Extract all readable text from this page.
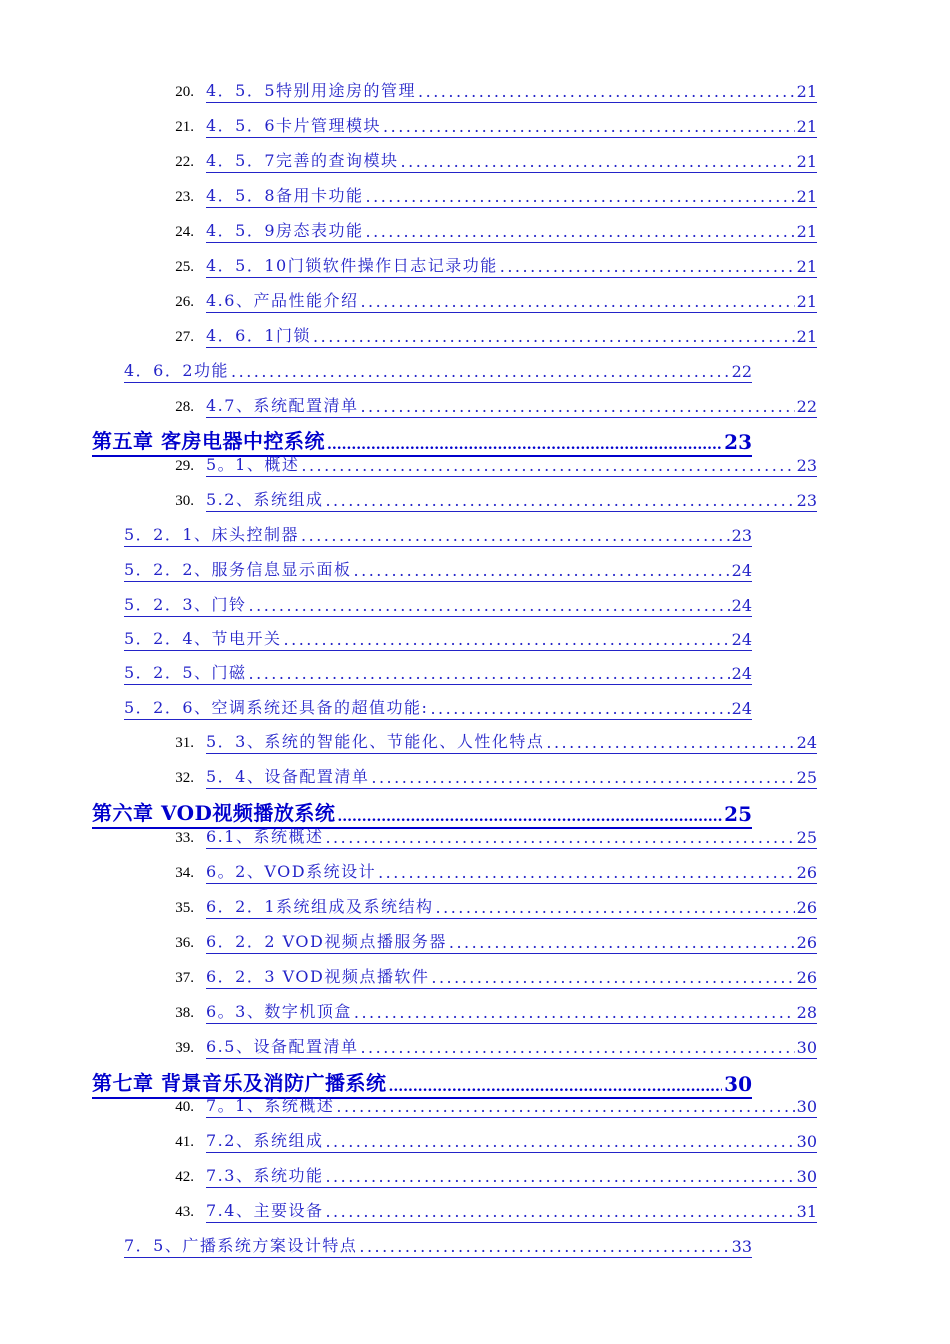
20. 4．5．5特别用途房的管理 .....	21
21. 4．5．6卡片管理模块 .....	21
22. 4．5．7完善的查询模块 .....	21
23. 4．5．8备用卡功能 .....	21
24. 4．5．9房态表功能 .....	21
25. 4．5．10门锁软件操作日志记录功能 .....	21
26. 4.6、产品性能介绍 .....	21
27. 4．6．1门锁 .....	21
4．6．2功能 .....	22
28. 4.7、系统配置清单 .....	22
第五章 客房电器中控系统 .....	23
29. 5。1、概述 .....	23
30. 5.2、系统组成 .....	23
5．2．1、床头控制器 .....	23
5．2．2、服务信息显示面板 .....	24
5．2．3、门铃 .....	24
5．2．4、节电开关 .....	24
5．2．5、门磁 .....	24
5．2．6、空调系统还具备的超值功能: .....	24
31. 5．3、系统的智能化、节能化、人性化特点 .....	24
32. 5．4、设备配置清单 .....	25
第六章 VOD视频播放系统 .....	25
33. 6.1、系统概述 .....	25
34. 6。2、VOD系统设计 .....	26
35. 6．2．1系统组成及系统结构 .....	26
36. 6．2．2 VOD视频点播服务器 .....	26
37. 6．2．3 VOD视频点播软件 .....	26
38. 6。3、数字机顶盒 .....	28
39. 6.5、设备配置清单 .....	30
第七章 背景音乐及消防广播系统 .....	30
40. 7。1、系统概述 .....	30
41. 7.2、系统组成 .....	30
42. 7.3、系统功能 .....	30
43. 7.4、主要设备 .....	31
7．5、广播系统方案设计特点 .....	33
